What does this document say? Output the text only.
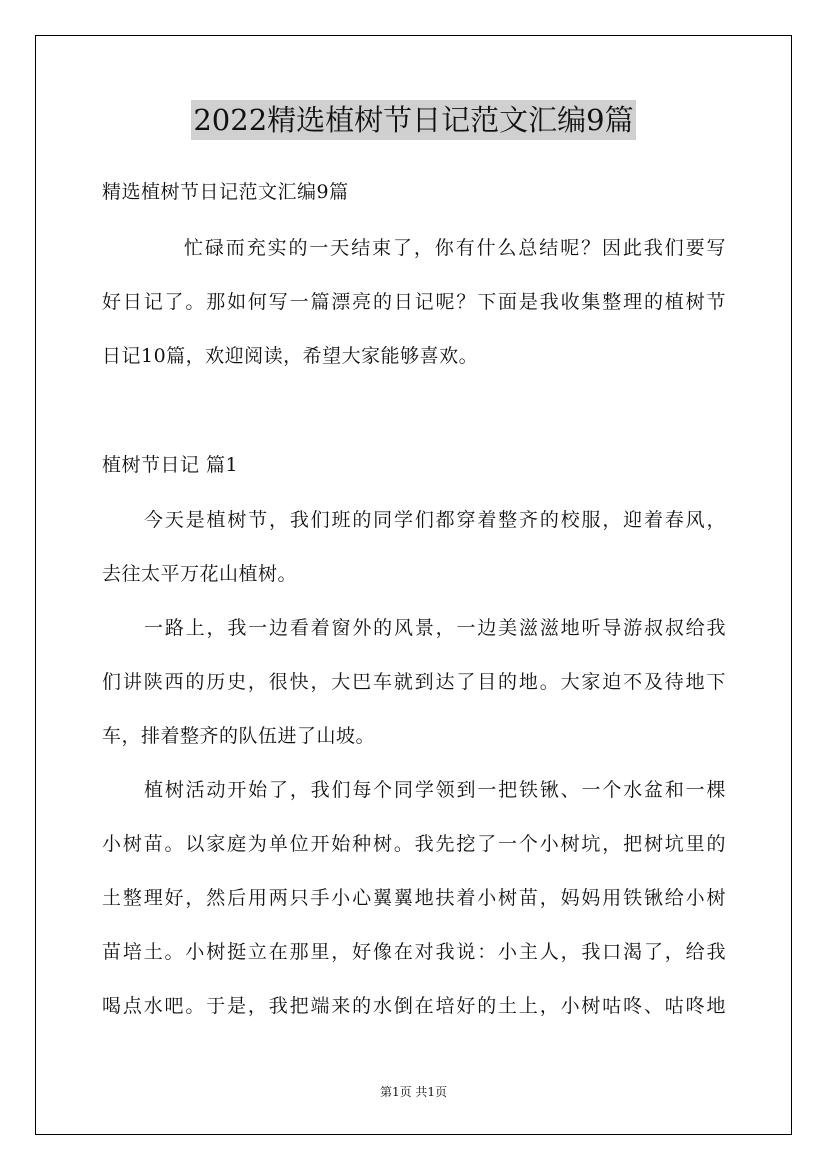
2022精选植树节日记范文汇编9篇
精选植树节日记范文汇编9篇
忙碌而充实的一天结束了，你有什么总结呢？因此我们要写
好日记了。那如何写一篇漂亮的日记呢？下面是我收集整理的植树节
日记10篇，欢迎阅读，希望大家能够喜欢。
植树节日记 篇1
今天是植树节，我们班的同学们都穿着整齐的校服，迎着春风，
去往太平万花山植树。
一路上，我一边看着窗外的风景，一边美滋滋地听导游叔叔给我
们讲陕西的历史，很快，大巴车就到达了目的地。大家迫不及待地下
车，排着整齐的队伍进了山坡。
植树活动开始了，我们每个同学领到一把铁锹、一个水盆和一棵
小树苗。以家庭为单位开始种树。我先挖了一个小树坑，把树坑里的
土整理好，然后用两只手小心翼翼地扶着小树苗，妈妈用铁锹给小树
苗培土。小树挺立在那里，好像在对我说：小主人，我口渴了，给我
喝点水吧。于是，我把端来的水倒在培好的土上，小树咕咚、咕咚地
第1页 共1页
